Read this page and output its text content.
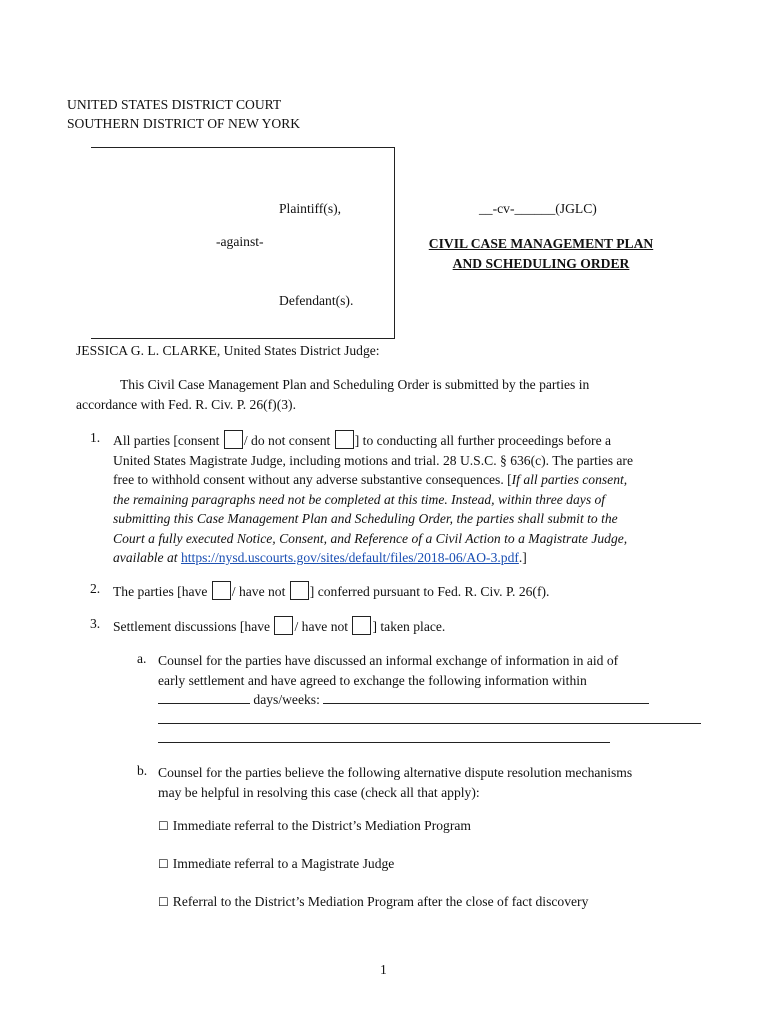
UNITED STATES DISTRICT COURT
SOUTHERN DISTRICT OF NEW YORK
Plaintiff(s),
-against-
Defendant(s).
__-cv-______(JGLC)
CIVIL CASE MANAGEMENT PLAN
AND SCHEDULING ORDER
JESSICA G. L. CLARKE, United States District Judge:
This Civil Case Management Plan and Scheduling Order is submitted by the parties in
accordance with Fed. R. Civ. P. 26(f)(3).
1. All parties [consent / do not consent ] to conducting all further proceedings before a
United States Magistrate Judge, including motions and trial. 28 U.S.C. § 636(c). The parties are
free to withhold consent without any adverse substantive consequences. [If all parties consent,
the remaining paragraphs need not be completed at this time. Instead, within three days of
submitting this Case Management Plan and Scheduling Order, the parties shall submit to the
Court a fully executed Notice, Consent, and Reference of a Civil Action to a Magistrate Judge,
available at https://nysd.uscourts.gov/sites/default/files/2018-06/AO-3.pdf.]
2. The parties [have / have not ] conferred pursuant to Fed. R. Civ. P. 26(f).
3. Settlement discussions [have / have not ] taken place.
a. Counsel for the parties have discussed an informal exchange of information in aid of
early settlement and have agreed to exchange the following information within
days/weeks:
b. Counsel for the parties believe the following alternative dispute resolution mechanisms
may be helpful in resolving this case (check all that apply):
☐ Immediate referral to the District’s Mediation Program
☐ Immediate referral to a Magistrate Judge
☐ Referral to the District’s Mediation Program after the close of fact discovery
1
